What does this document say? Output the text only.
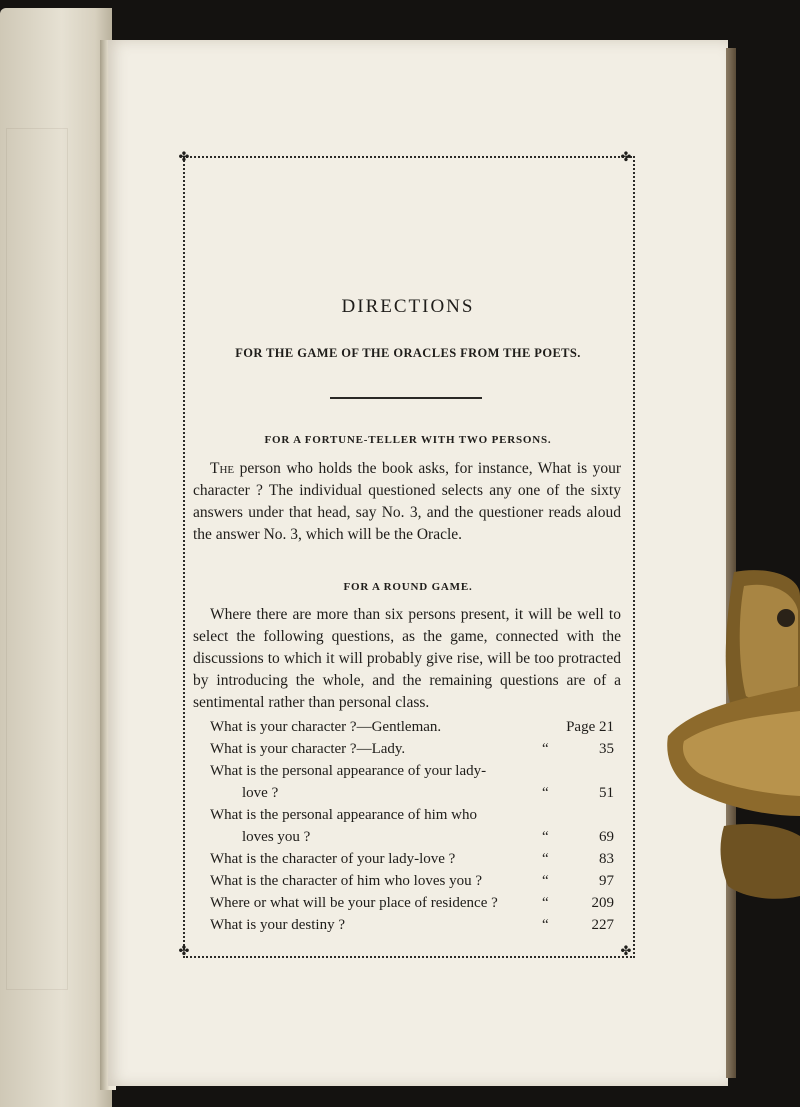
✤	✤
✤	✤
DIRECTIONS
FOR THE GAME OF THE ORACLES FROM THE POETS.
FOR A FORTUNE-TELLER WITH TWO PERSONS.
The person who holds the book asks, for instance, What is your character ? The individual questioned selects any one of the sixty answers under that head, say No. 3, and the questioner reads aloud the answer No. 3, which will be the Oracle.
FOR A ROUND GAME.
Where there are more than six persons present, it will be well to select the following questions, as the game, connected with the discussions to which it will probably give rise, will be too protracted by introducing the whole, and the remaining questions are of a sentimental rather than personal class.
What is your character ?—Gentleman.	Page 21
What is your character ?—Lady.	“	35
What is the personal appearance of your lady-
love ?	“	51
What is the personal appearance of him who
loves you ?	“	69
What is the character of your lady-love ?	“	83
What is the character of him who loves you ?	“	97
Where or what will be your place of residence ?	“	209
What is your destiny ?	“	227
